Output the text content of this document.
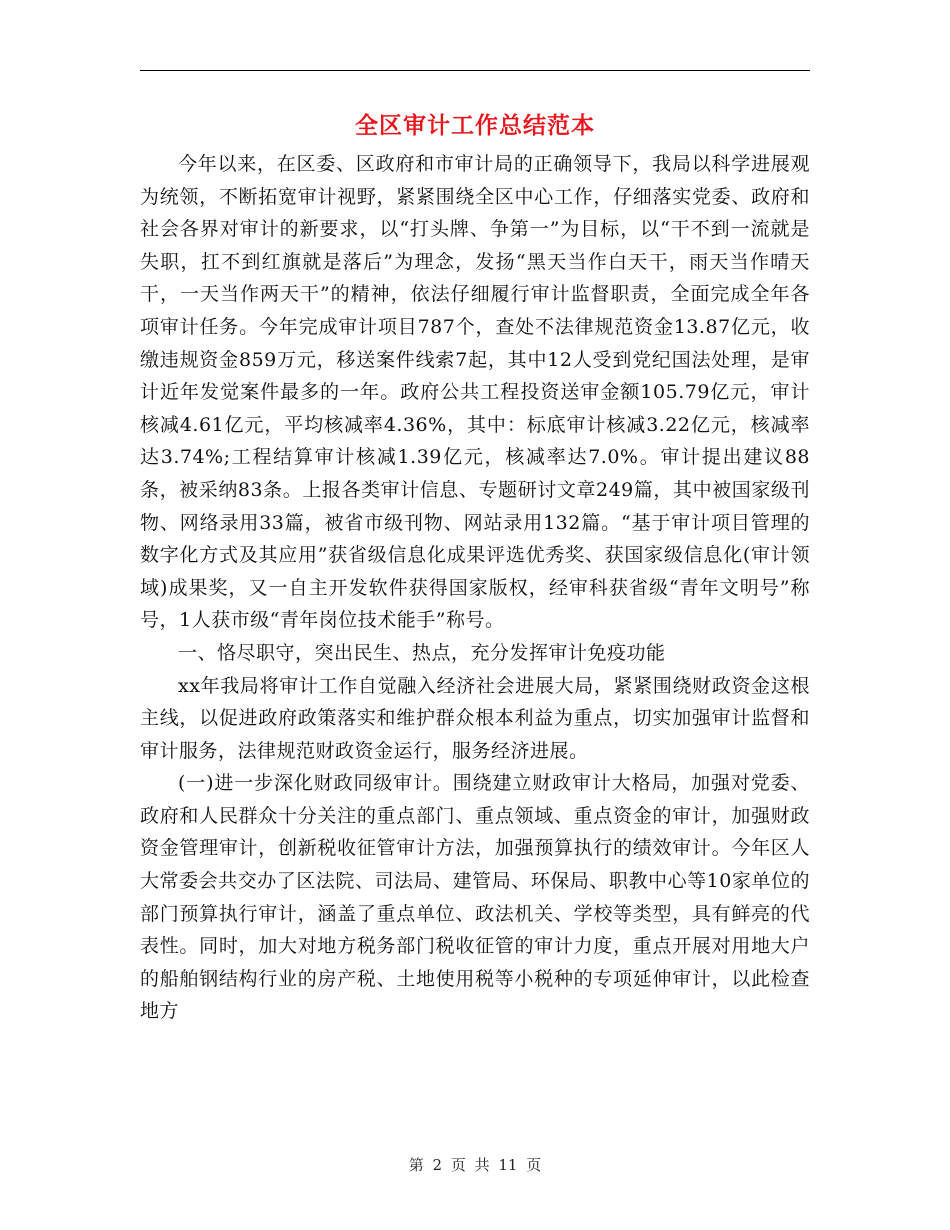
全区审计工作总结范本

今年以来，在区委、区政府和市审计局的正确领导下，我局以科学进展观为统领，不断拓宽审计视野，紧紧围绕全区中心工作，仔细落实党委、政府和社会各界对审计的新要求，以“打头牌、争第一”为目标，以“干不到一流就是失职，扛不到红旗就是落后”为理念，发扬“黑天当作白天干，雨天当作晴天干，一天当作两天干”的精神，依法仔细履行审计监督职责，全面完成全年各项审计任务。今年完成审计项目787个，查处不法律规范资金13.87亿元，收缴违规资金859万元，移送案件线索7起，其中12人受到党纪国法处理，是审计近年发觉案件最多的一年。政府公共工程投资送审金额105.79亿元，审计核减4.61亿元，平均核减率4.36%，其中：标底审计核减3.22亿元，核减率达3.74%;工程结算审计核减1.39亿元，核减率达7.0%。审计提出建议88条，被采纳83条。上报各类审计信息、专题研讨文章249篇，其中被国家级刊物、网络录用33篇，被省市级刊物、网站录用132篇。“基于审计项目管理的数字化方式及其应用”获省级信息化成果评选优秀奖、获国家级信息化(审计领域)成果奖，又一自主开发软件获得国家版权，经审科获省级“青年文明号”称号，1人获市级“青年岗位技术能手”称号。

一、恪尽职守，突出民生、热点，充分发挥审计免疫功能

xx年我局将审计工作自觉融入经济社会进展大局，紧紧围绕财政资金这根主线，以促进政府政策落实和维护群众根本利益为重点，切实加强审计监督和审计服务，法律规范财政资金运行，服务经济进展。

(一)进一步深化财政同级审计。围绕建立财政审计大格局，加强对党委、政府和人民群众十分关注的重点部门、重点领域、重点资金的审计，加强财政资金管理审计，创新税收征管审计方法，加强预算执行的绩效审计。今年区人大常委会共交办了区法院、司法局、建管局、环保局、职教中心等10家单位的部门预算执行审计，涵盖了重点单位、政法机关、学校等类型，具有鲜亮的代表性。同时，加大对地方税务部门税收征管的审计力度，重点开展对用地大户的船舶钢结构行业的房产税、土地使用税等小税种的专项延伸审计，以此检查地方

第 2 页 共 11 页
